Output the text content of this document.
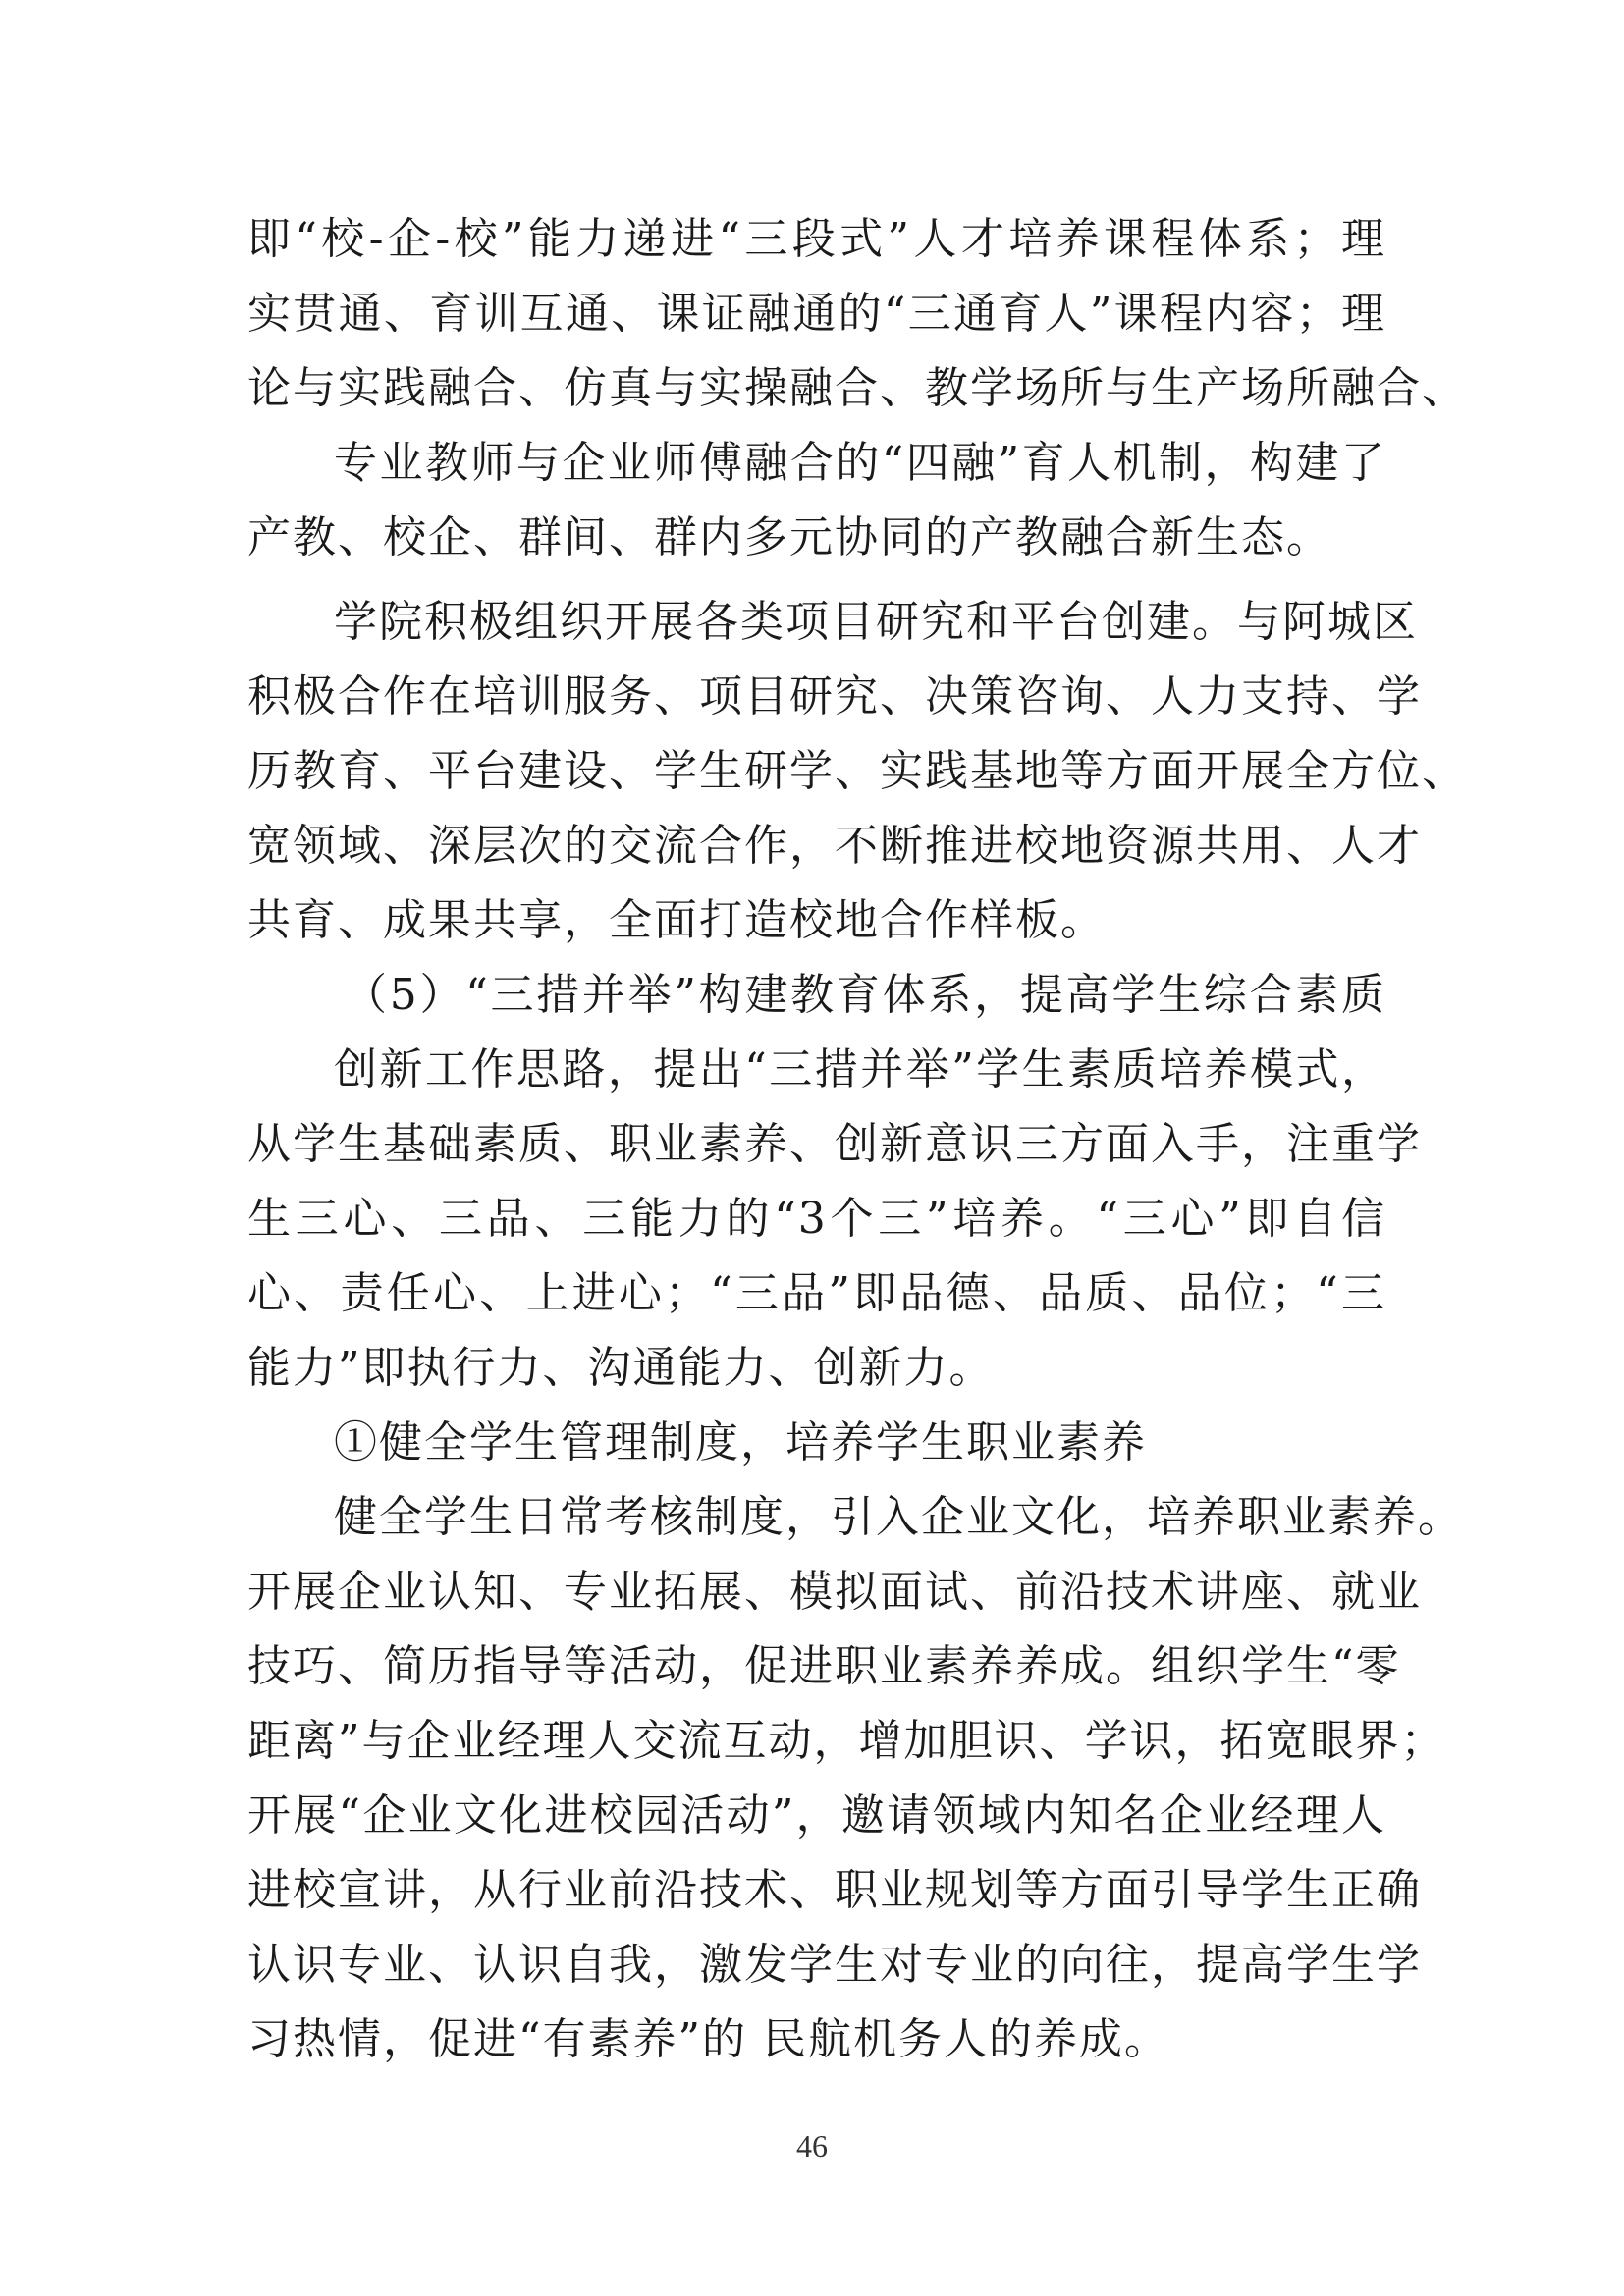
即“校-企-校”能力递进“三段式”人才培养课程体系；理
实贯通、育训互通、课证融通的“三通育人”课程内容；理
论与实践融合、仿真与实操融合、教学场所与生产场所融合、
专业教师与企业师傅融合的“四融”育人机制，构建了
产教、校企、群间、群内多元协同的产教融合新生态。
学院积极组织开展各类项目研究和平台创建。与阿城区
积极合作在培训服务、项目研究、决策咨询、人力支持、学
历教育、平台建设、学生研学、实践基地等方面开展全方位、
宽领域、深层次的交流合作，不断推进校地资源共用、人才
共育、成果共享，全面打造校地合作样板。
（5）“三措并举”构建教育体系，提高学生综合素质
创新工作思路，提出“三措并举”学生素质培养模式，
从学生基础素质、职业素养、创新意识三方面入手，注重学
生三心、三品、三能力的“3个三”培养。“三心”即自信
心、责任心、上进心；“三品”即品德、品质、品位；“三
能力”即执行力、沟通能力、创新力。
①健全学生管理制度，培养学生职业素养
健全学生日常考核制度，引入企业文化，培养职业素养。
开展企业认知、专业拓展、模拟面试、前沿技术讲座、就业
技巧、简历指导等活动，促进职业素养养成。组织学生“零
距离”与企业经理人交流互动，增加胆识、学识，拓宽眼界；
开展“企业文化进校园活动”，邀请领域内知名企业经理人
进校宣讲，从行业前沿技术、职业规划等方面引导学生正确
认识专业、认识自我，激发学生对专业的向往，提高学生学
习热情，促进“有素养”的 民航机务人的养成。
46
